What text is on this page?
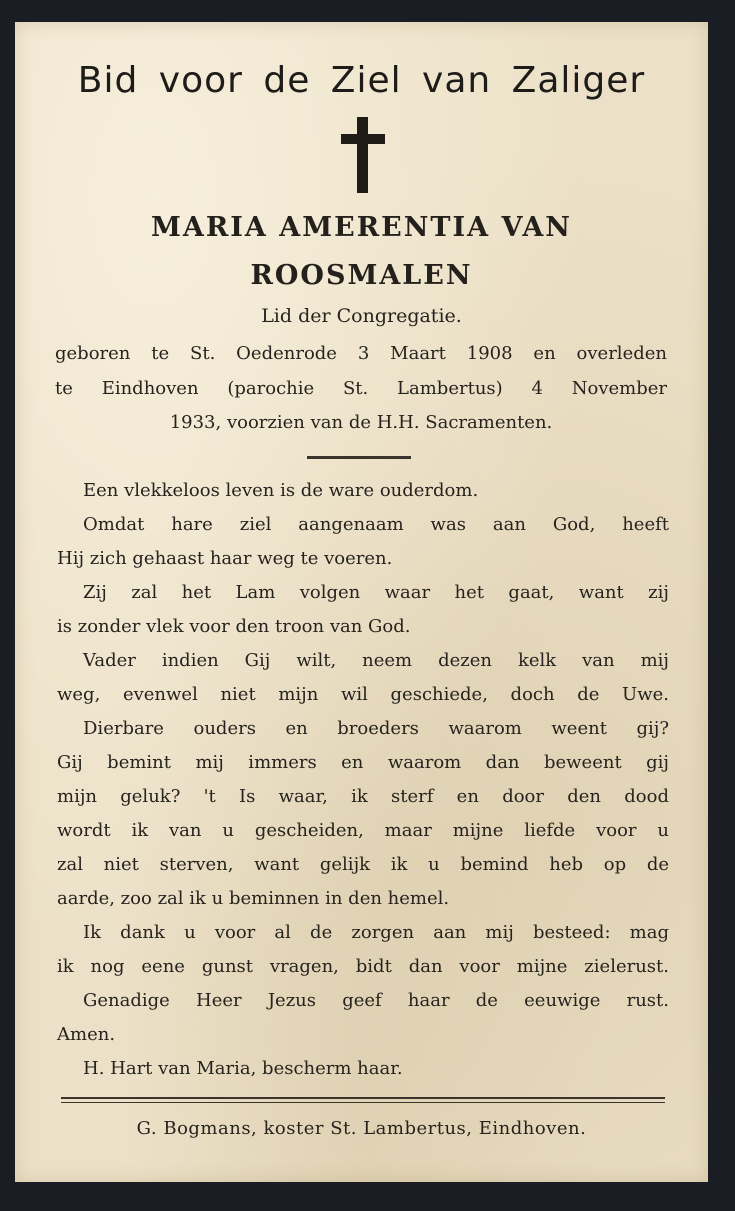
Bid voor de Ziel van Zaliger
MARIA AMERENTIA VAN
ROOSMALEN
Lid der Congregatie.
geboren te St. Oedenrode 3 Maart 1908 en overleden
te Eindhoven (parochie St. Lambertus) 4 November
1933, voorzien van de H.H. Sacramenten.
Een vlekkeloos leven is de ware ouderdom.
Omdat hare ziel aangenaam was aan God, heeft
Hij zich gehaast haar weg te voeren.
Zij zal het Lam volgen waar het gaat, want zij
is zonder vlek voor den troon van God.
Vader indien Gij wilt, neem dezen kelk van mij
weg, evenwel niet mijn wil geschiede, doch de Uwe.
Dierbare ouders en broeders waarom weent gij?
Gij bemint mij immers en waarom dan beweent gij
mijn geluk? 't Is waar, ik sterf en door den dood
wordt ik van u gescheiden, maar mijne liefde voor u
zal niet sterven, want gelijk ik u bemind heb op de
aarde, zoo zal ik u beminnen in den hemel.
Ik dank u voor al de zorgen aan mij besteed: mag
ik nog eene gunst vragen, bidt dan voor mijne zielerust.
Genadige Heer Jezus geef haar de eeuwige rust.
Amen.
H. Hart van Maria, bescherm haar.
G. Bogmans, koster St. Lambertus, Eindhoven.
